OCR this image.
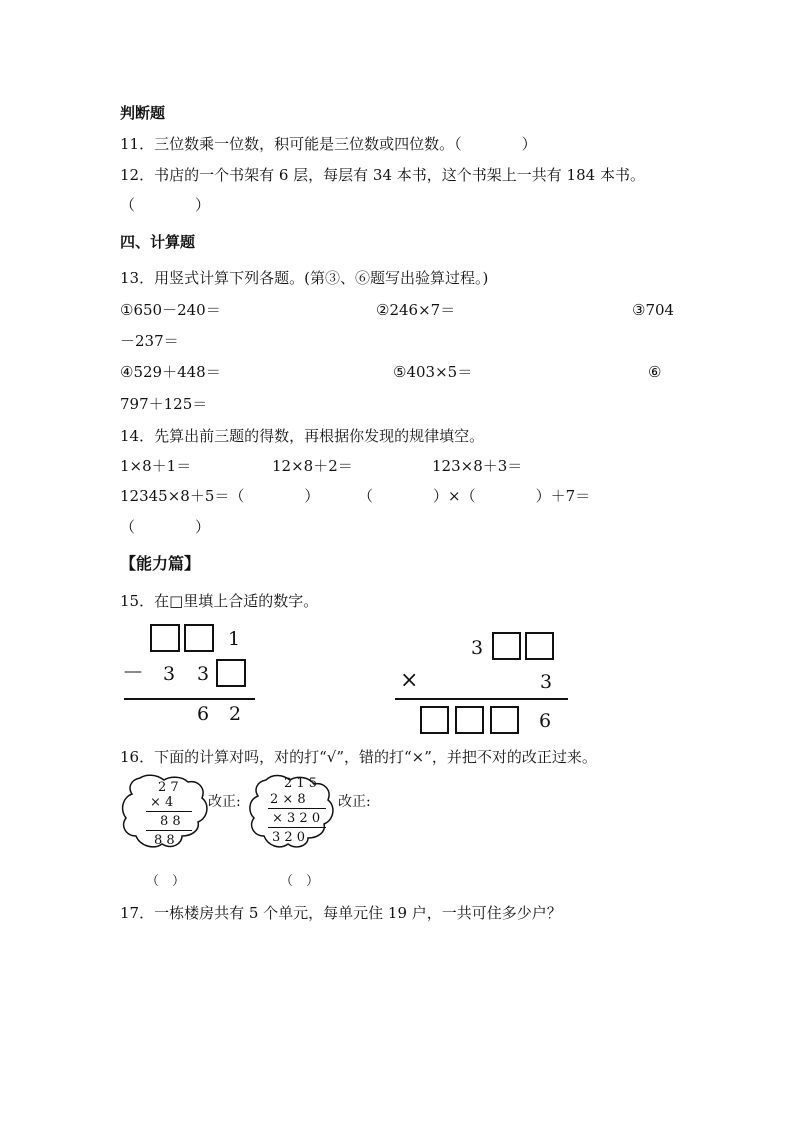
判断题
11．三位数乘一位数，积可能是三位数或四位数。（　　　　）
12．书店的一个书架有 6 层，每层有 34 本书，这个书架上一共有 184 本书。
（　　　　）
四、计算题
13．用竖式计算下列各题。(第③、⑥题写出验算过程。)
①650－240＝	②246×7＝	③704
－237＝
④529＋448＝	⑤403×5＝	⑥
797＋125＝
14．先算出前三题的得数，再根据你发现的规律填空。
1×8＋1＝	12×8＋2＝	123×8＋3＝
12345×8＋5＝（　　　　）	（　　　　）×（　　　　）＋7＝
（　　　　）
【能力篇】
15．在□里填上合适的数字。
1
－ 3 3
6 2
3
×	3
6
16．下面的计算对吗，对的打“√”，错的打“×”，并把不对的改正过来。
2 7
× 4
8 8
8 8
改正:
（　）
2 1 5
2 × 8
× 3 2 0
3 2 0
改正:
（　）
17．一栋楼房共有 5 个单元，每单元住 19 户，一共可住多少户？
